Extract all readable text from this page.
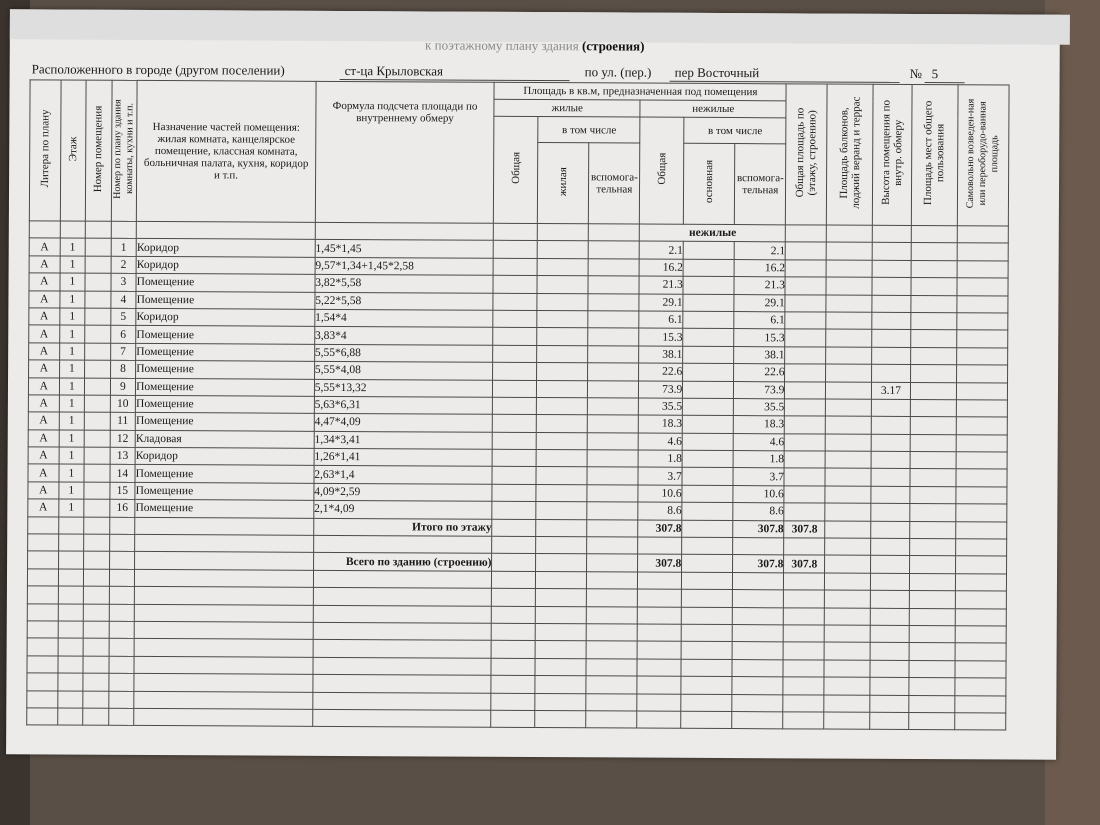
к поэтажному плану здания (строения)
Расположенного в городе (другом поселении)	ст-ца Крыловская	по ул. (пер.) пер Восточный	№ 5
Литера по плану	Этаж	Номер помещения	Номер по плану здания комнаты, кухни и т.п.	Назначение частей помещения: жилая комната, канцелярское помещение, классная комната, больничная палата, кухня, коридор и т.п.	Формула подсчета площади по внутреннему обмеру	Площадь в кв.м, предназначенная под помещения						Общая площадь по (этажу, строению)	Площадь балконов, лоджий веранд и террас	Высота помещения по внутр. обмеру	Площадь мест общего пользования	Самовольно возведен-ная или переоборудо-ванная площадь
						жилые			нежилые							
						Общая	в том числе		Общая	в том числе						
							жилая	вспомога-тельная		основная	вспомога-тельная					
									нежилые							
А	1		1	Коридор	1,45*1,45				2.1		2.1					
А	1		2	Коридор	9,57*1,34+1,45*2,58				16.2		16.2					
А	1		3	Помещение	3,82*5,58				21.3		21.3					
А	1		4	Помещение	5,22*5,58				29.1		29.1					
А	1		5	Коридор	1,54*4				6.1		6.1					
А	1		6	Помещение	3,83*4				15.3		15.3					
А	1		7	Помещение	5,55*6,88				38.1		38.1					
А	1		8	Помещение	5,55*4,08				22.6		22.6					
А	1		9	Помещение	5,55*13,32				73.9		73.9			3.17		
А	1		10	Помещение	5,63*6,31				35.5		35.5					
А	1		11	Помещение	4,47*4,09				18.3		18.3					
А	1		12	Кладовая	1,34*3,41				4.6		4.6					
А	1		13	Коридор	1,26*1,41				1.8		1.8					
А	1		14	Помещение	2,63*1,4				3.7		3.7					
А	1		15	Помещение	4,09*2,59				10.6		10.6					
А	1		16	Помещение	2,1*4,09				8.6		8.6					
					Итого по этажу				307.8		307.8	307.8				

					Всего по зданию (строению)				307.8		307.8	307.8				
